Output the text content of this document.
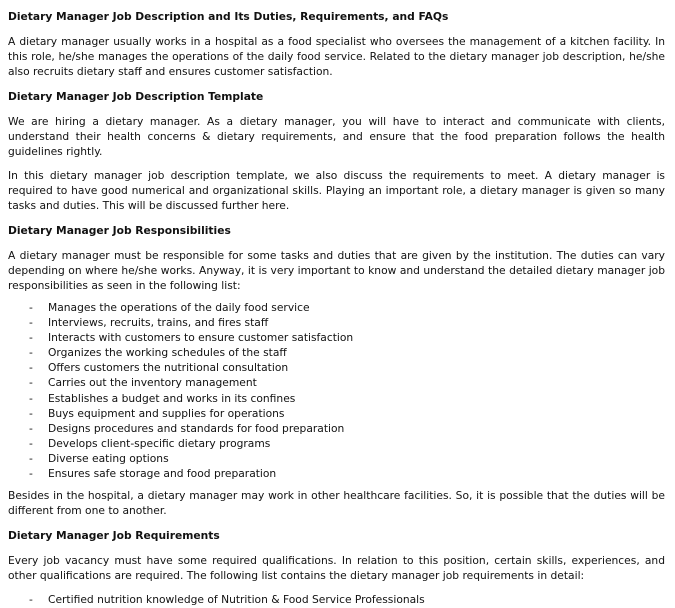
Dietary Manager Job Description and Its Duties, Requirements, and FAQs

A dietary manager usually works in a hospital as a food specialist who oversees the management of a kitchen facility. In this role, he/she manages the operations of the daily food service. Related to the dietary manager job description, he/she also recruits dietary staff and ensures customer satisfaction.

Dietary Manager Job Description Template

We are hiring a dietary manager. As a dietary manager, you will have to interact and communicate with clients, understand their health concerns & dietary requirements, and ensure that the food preparation follows the health guidelines rightly.

In this dietary manager job description template, we also discuss the requirements to meet. A dietary manager is required to have good numerical and organizational skills. Playing an important role, a dietary manager is given so many tasks and duties. This will be discussed further here.

Dietary Manager Job Responsibilities

A dietary manager must be responsible for some tasks and duties that are given by the institution. The duties can vary depending on where he/she works. Anyway, it is very important to know and understand the detailed dietary manager job responsibilities as seen in the following list:

- Manages the operations of the daily food service
- Interviews, recruits, trains, and fires staff
- Interacts with customers to ensure customer satisfaction
- Organizes the working schedules of the staff
- Offers customers the nutritional consultation
- Carries out the inventory management
- Establishes a budget and works in its confines
- Buys equipment and supplies for operations
- Designs procedures and standards for food preparation
- Develops client-specific dietary programs
- Diverse eating options
- Ensures safe storage and food preparation

Besides in the hospital, a dietary manager may work in other healthcare facilities. So, it is possible that the duties will be different from one to another.

Dietary Manager Job Requirements

Every job vacancy must have some required qualifications. In relation to this position, certain skills, experiences, and other qualifications are required. The following list contains the dietary manager job requirements in detail:

- Certified nutrition knowledge of Nutrition & Food Service Professionals
